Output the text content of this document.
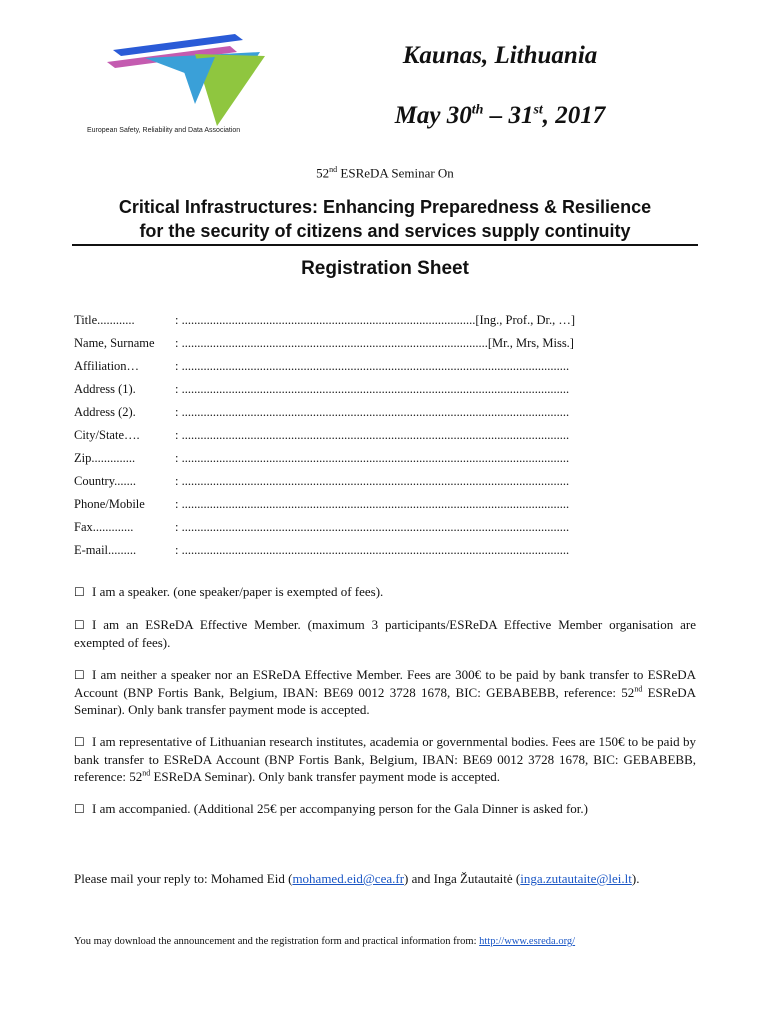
European Safety, Reliability and Data Association
Kaunas, Lithuania
May 30th – 31st, 2017
52nd ESReDA Seminar On
Critical Infrastructures: Enhancing Preparedness & Resilience
for the security of citizens and services supply continuity
Registration Sheet
Title............	: ..............................................................................................[Ing., Prof., Dr., …]
Name, Surname : ..................................................................................................[Mr., Mrs, Miss.]
Affiliation…	: ............................................................................................................................
Address (1).	: ............................................................................................................................
Address (2).	: ............................................................................................................................
City/State….	: ............................................................................................................................
Zip..............	: ............................................................................................................................
Country.......	: ............................................................................................................................
Phone/Mobile : ............................................................................................................................
Fax.............	: ............................................................................................................................
E-mail.........	: ............................................................................................................................
☐ I am a speaker. (one speaker/paper is exempted of fees).
☐ I am an ESReDA Effective Member. (maximum 3 participants/ESReDA Effective Member organisation are exempted of fees).
☐ I am neither a speaker nor an ESReDA Effective Member. Fees are 300€ to be paid by bank transfer to ESReDA Account (BNP Fortis Bank, Belgium, IBAN: BE69 0012 3728 1678, BIC: GEBABEBB, reference: 52nd ESReDA Seminar). Only bank transfer payment mode is accepted.
☐ I am representative of Lithuanian research institutes, academia or governmental bodies. Fees are 150€ to be paid by bank transfer to ESReDA Account (BNP Fortis Bank, Belgium, IBAN: BE69 0012 3728 1678, BIC: GEBABEBB, reference: 52nd ESReDA Seminar). Only bank transfer payment mode is accepted.
☐ I am accompanied. (Additional 25€ per accompanying person for the Gala Dinner is asked for.)
Please mail your reply to: Mohamed Eid (mohamed.eid@cea.fr) and Inga Žutautaitė (inga.zutautaite@lei.lt).
You may download the announcement and the registration form and practical information from: http://www.esreda.org/
